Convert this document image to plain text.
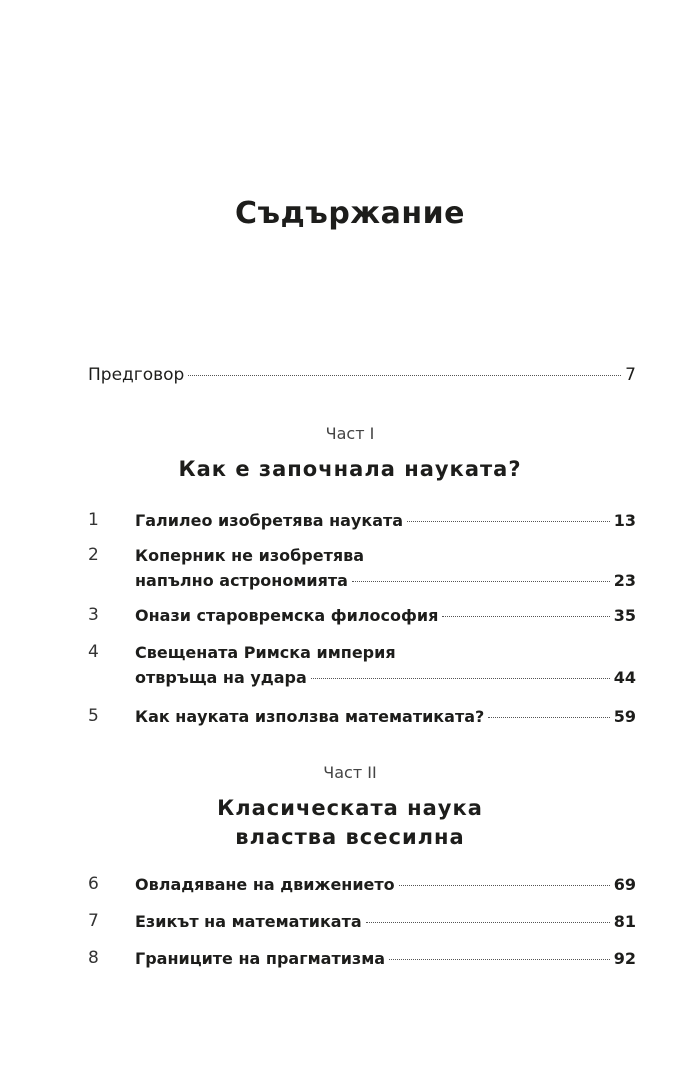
Съдържание
Предговор	7
Част I
Как е започнала науката?
1	Галилео изобретява науката	13
2	Коперник не изобретява
напълно астрономията	23
3	Онази старовремска философия	35
4	Свещената Римска империя
отвръща на удара	44
5	Как науката използва математиката?	59
Част II
Класическата наука
властва всесилна
6	Овладяване на движението	69
7	Езикът на математиката	81
8	Границите на прагматизма	92
